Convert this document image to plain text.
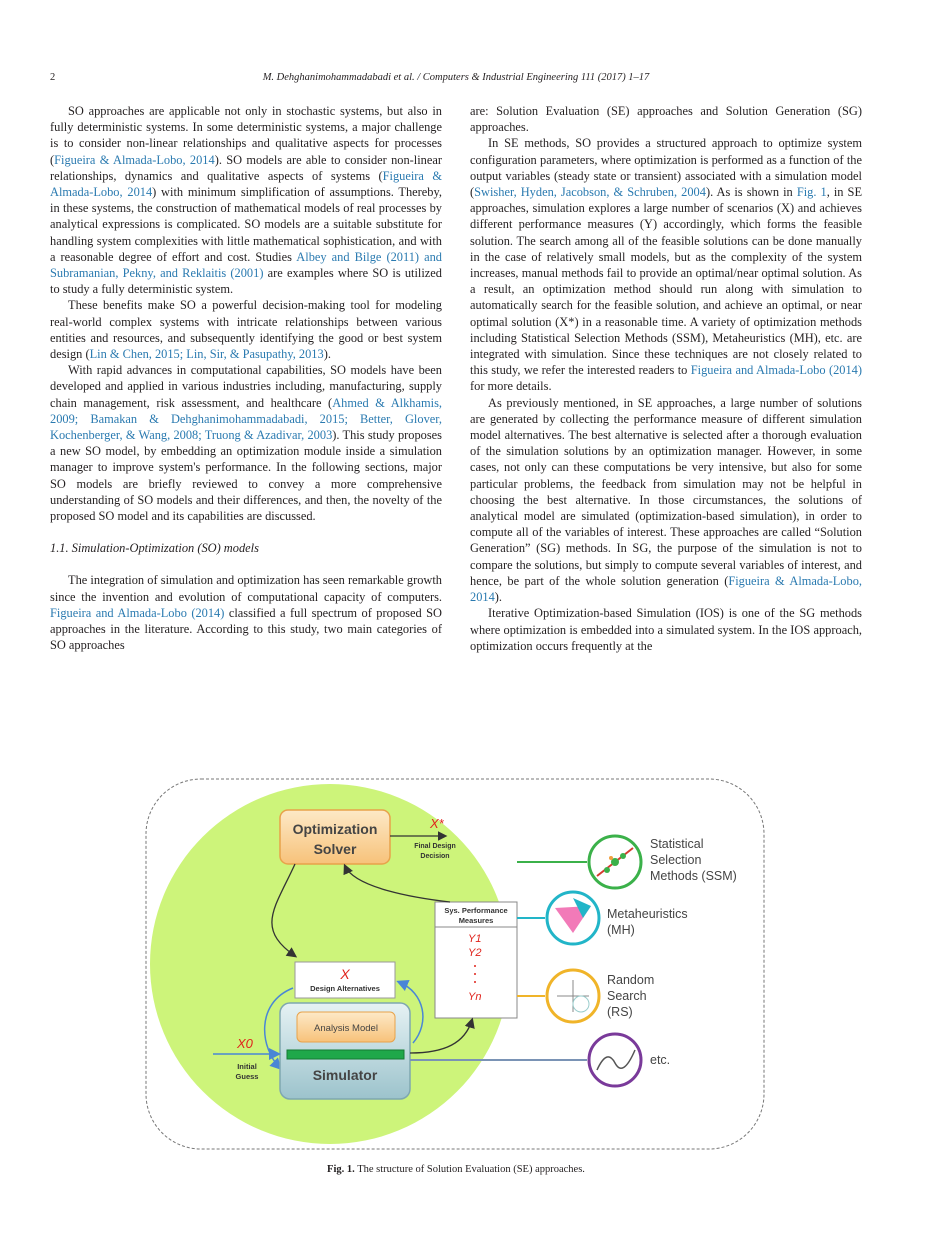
2	M. Dehghanimohammadabadi et al. / Computers & Industrial Engineering 111 (2017) 1–17

SO approaches are applicable not only in stochastic systems, but also in fully deterministic systems. In some deterministic systems, a major challenge is to consider non-linear relationships and qualitative aspects for processes (Figueira & Almada-Lobo, 2014). SO models are able to consider non-linear relationships, dynamics and qualitative aspects of systems (Figueira & Almada-Lobo, 2014) with minimum simplification of assumptions. Thereby, in these systems, the construction of mathematical models of real processes by analytical expressions is complicated. SO models are a suitable substitute for handling system complexities with little mathematical sophistication, and with a reasonable degree of effort and cost. Studies Albey and Bilge (2011) and Subramanian, Pekny, and Reklaitis (2001) are examples where SO is utilized to study a fully deterministic system.

These benefits make SO a powerful decision-making tool for modeling real-world complex systems with intricate relationships between various entities and resources, and subsequently identifying the good or best system design (Lin & Chen, 2015; Lin, Sir, & Pasupathy, 2013).

With rapid advances in computational capabilities, SO models have been developed and applied in various industries including, manufacturing, supply chain management, risk assessment, and healthcare (Ahmed & Alkhamis, 2009; Bamakan & Dehghanimohammadabadi, 2015; Better, Glover, Kochenberger, & Wang, 2008; Truong & Azadivar, 2003). This study proposes a new SO model, by embedding an optimization module inside a simulation manager to improve system's performance. In the following sections, major SO models are briefly reviewed to convey a more comprehensive understanding of SO models and their differences, and then, the novelty of the proposed SO model and its capabilities are discussed.

1.1. Simulation-Optimization (SO) models

The integration of simulation and optimization has seen remarkable growth since the invention and evolution of computational capacity of computers. Figueira and Almada-Lobo (2014) classified a full spectrum of proposed SO approaches in the literature. According to this study, two main categories of SO approaches

are: Solution Evaluation (SE) approaches and Solution Generation (SG) approaches.

In SE methods, SO provides a structured approach to optimize system configuration parameters, where optimization is performed as a function of the output variables (steady state or transient) associated with a simulation model (Swisher, Hyden, Jacobson, & Schruben, 2004). As is shown in Fig. 1, in SE approaches, simulation explores a large number of scenarios (X) and achieves different performance measures (Y) accordingly, which forms the feasible solution. The search among all of the feasible solutions can be done manually in the case of relatively small models, but as the complexity of the system increases, manual methods fail to provide an optimal/near optimal solution. As a result, an optimization method should run along with simulation to automatically search for the feasible solution, and achieve an optimal, or near optimal solution (X*) in a reasonable time. A variety of optimization methods including Statistical Selection Methods (SSM), Metaheuristics (MH), etc. are integrated with simulation. Since these techniques are not closely related to this study, we refer the interested readers to Figueira and Almada-Lobo (2014) for more details.

As previously mentioned, in SE approaches, a large number of solutions are generated by collecting the performance measure of different simulation model alternatives. The best alternative is selected after a thorough evaluation of the simulation solutions by an optimization manager. However, in some cases, not only can these computations be very intensive, but also for some particular problems, the feedback from simulation may not be helpful in choosing the best alternative. In those circumstances, the solutions of analytical model are simulated (optimization-based simulation), in order to compute all of the variables of interest. These approaches are called “Solution Generation” (SG) methods. In SG, the purpose of the simulation is not to compare the solutions, but simply to compute several variables of interest, and hence, be part of the whole solution generation (Figueira & Almada-Lobo, 2014).

Iterative Optimization-based Simulation (IOS) is one of the SG methods where optimization is embedded into a simulated system. In the IOS approach, optimization occurs frequently at the

Optimization
Solver
X*
Final Design
Decision
Sys. Performance
Measures
Y1
Y2
Yn
X
Design Alternatives
Analysis Model
Simulator
X0
Initial
Guess
Statistical
Selection
Methods (SSM)
Metaheuristics
(MH)
Random
Search
(RS)
etc.
Fig. 1. The structure of Solution Evaluation (SE) approaches.
